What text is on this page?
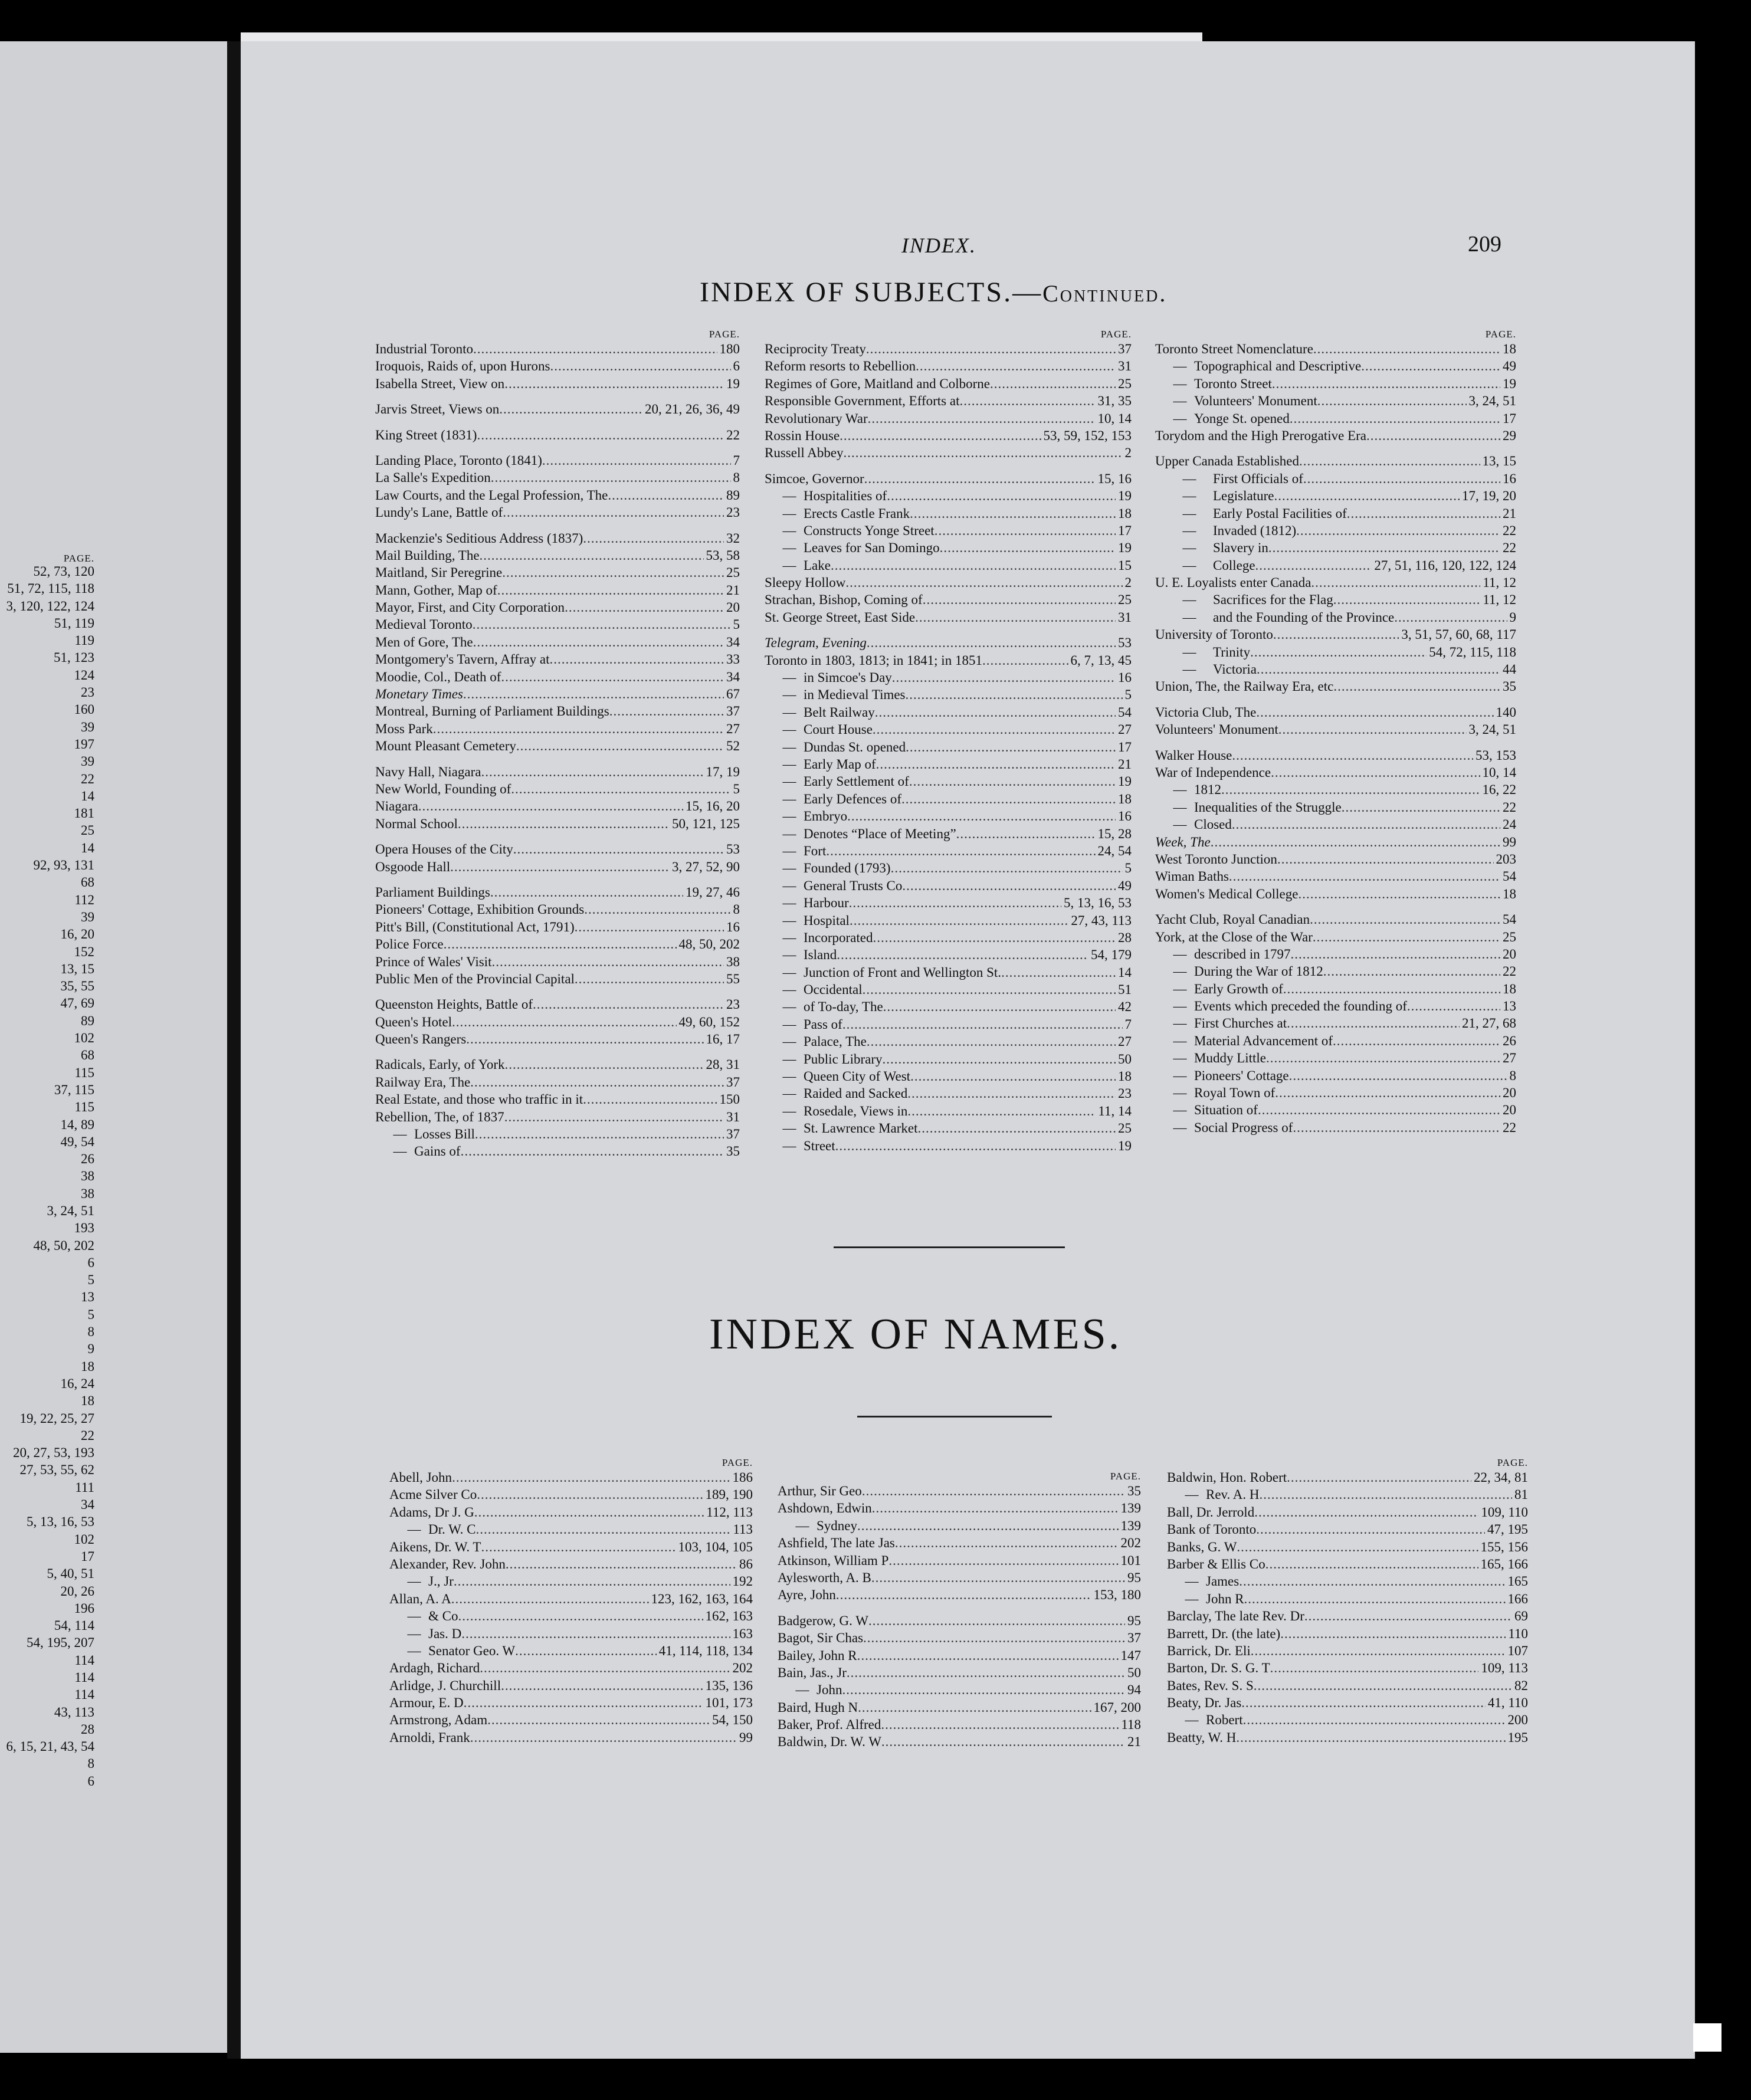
PAGE.
52, 73, 120
51, 72, 115, 118
3, 120, 122, 124
51, 119
119
51, 123
124
23
160
39
197
39
22
14
181
25
14
92, 93, 131
68
112
39
16, 20
152
13, 15
35, 55
47, 69
89
102
68
115
37, 115
115
14, 89
49, 54
26
38
38
3, 24, 51
193
48, 50, 202
6
5
13
5
8
9
18
16, 24
18
19, 22, 25, 27
22
20, 27, 53, 193
27, 53, 55, 62
111
34
5, 13, 16, 53
102
17
5, 40, 51
20, 26
196
54, 114
54, 195, 207
114
114
114
43, 113
28
6, 15, 21, 43, 54
8
6
INDEX.	209
INDEX OF SUBJECTS.—Continued.
PAGE.
Industrial Toronto .....	180
Iroquois, Raids of, upon Hurons .....	6
Isabella Street, View on .....	19
Jarvis Street, Views on .....	20, 21, 26, 36, 49
King Street (1831) .....	22
Landing Place, Toronto (1841) .....	7
La Salle's Expedition .....	8
Law Courts, and the Legal Profession, The .....	89
Lundy's Lane, Battle of .....	23
Mackenzie's Seditious Address (1837) .....	32
Mail Building, The .....	53, 58
Maitland, Sir Peregrine .....	25
Mann, Gother, Map of .....	21
Mayor, First, and City Corporation .....	20
Medieval Toronto .....	5
Men of Gore, The .....	34
Montgomery's Tavern, Affray at .....	33
Moodie, Col., Death of .....	34
Monetary Times .....	67
Montreal, Burning of Parliament Buildings .....	37
Moss Park .....	27
Mount Pleasant Cemetery .....	52
Navy Hall, Niagara .....	17, 19
New World, Founding of .....	5
Niagara .....	15, 16, 20
Normal School .....	50, 121, 125
Opera Houses of the City .....	53
Osgoode Hall .....	3, 27, 52, 90
Parliament Buildings .....	19, 27, 46
Pioneers' Cottage, Exhibition Grounds .....	8
Pitt's Bill, (Constitutional Act, 1791) .....	16
Police Force .....	48, 50, 202
Prince of Wales' Visit .....	38
Public Men of the Provincial Capital .....	55
Queenston Heights, Battle of .....	23
Queen's Hotel .....	49, 60, 152
Queen's Rangers .....	16, 17
Radicals, Early, of York .....	28, 31
Railway Era, The .....	37
Real Estate, and those who traffic in it .....	150
Rebellion, The, of 1837 .....	31
— Losses Bill .....	37
— Gains of .....	35
PAGE.
Reciprocity Treaty .....	37
Reform resorts to Rebellion .....	31
Regimes of Gore, Maitland and Colborne .....	25
Responsible Government, Efforts at .....	31, 35
Revolutionary War .....	10, 14
Rossin House .....	53, 59, 152, 153
Russell Abbey .....	2
Simcoe, Governor .....	15, 16
— Hospitalities of .....	19
— Erects Castle Frank .....	18
— Constructs Yonge Street .....	17
— Leaves for San Domingo .....	19
— Lake .....	15
Sleepy Hollow .....	2
Strachan, Bishop, Coming of .....	25
St. George Street, East Side .....	31
Telegram, Evening .....	53
Toronto in 1803, 1813; in 1841; in 1851 .....	6, 7, 13, 45
— in Simcoe's Day .....	16
— in Medieval Times .....	5
— Belt Railway .....	54
— Court House .....	27
— Dundas St. opened .....	17
— Early Map of .....	21
— Early Settlement of .....	19
— Early Defences of .....	18
— Embryo .....	16
— Denotes “Place of Meeting” .....	15, 28
— Fort .....	24, 54
— Founded (1793) .....	5
— General Trusts Co .....	49
— Harbour .....	5, 13, 16, 53
— Hospital .....	27, 43, 113
— Incorporated .....	28
— Island .....	54, 179
— Junction of Front and Wellington St. .....	14
— Occidental .....	51
— of To-day, The .....	42
— Pass of .....	7
— Palace, The .....	27
— Public Library .....	50
— Queen City of West .....	18
— Raided and Sacked .....	23
— Rosedale, Views in .....	11, 14
— St. Lawrence Market .....	25
— Street .....	19
PAGE.
Toronto Street Nomenclature .....	18
— Topographical and Descriptive .....	49
— Toronto Street .....	19
— Volunteers' Monument .....	3, 24, 51
— Yonge St. opened .....	17
Torydom and the High Prerogative Era .....	29
Upper Canada Established .....	13, 15
— First Officials of .....	16
— Legislature .....	17, 19, 20
— Early Postal Facilities of .....	21
— Invaded (1812) .....	22
— Slavery in .....	22
— College .....	27, 51, 116, 120, 122, 124
U. E. Loyalists enter Canada .....	11, 12
— Sacrifices for the Flag .....	11, 12
— and the Founding of the Province .....	9
University of Toronto .....	3, 51, 57, 60, 68, 117
— Trinity .....	54, 72, 115, 118
— Victoria .....	44
Union, The, the Railway Era, etc .....	35
Victoria Club, The .....	140
Volunteers' Monument .....	3, 24, 51
Walker House .....	53, 153
War of Independence .....	10, 14
— 1812 .....	16, 22
— Inequalities of the Struggle .....	22
— Closed .....	24
Week, The .....	99
West Toronto Junction .....	203
Wiman Baths .....	54
Women's Medical College .....	18
Yacht Club, Royal Canadian .....	54
York, at the Close of the War .....	25
— described in 1797 .....	20
— During the War of 1812 .....	22
— Early Growth of .....	18
— Events which preceded the founding of .....	13
— First Churches at .....	21, 27, 68
— Material Advancement of .....	26
— Muddy Little .....	27
— Pioneers' Cottage .....	8
— Royal Town of .....	20
— Situation of .....	20
— Social Progress of .....	22
INDEX OF NAMES.
PAGE.
Abell, John .....	186
Acme Silver Co .....	189, 190
Adams, Dr J. G .....	112, 113
— Dr. W. C .....	113
Aikens, Dr. W. T .....	103, 104, 105
Alexander, Rev. John .....	86
— J., Jr .....	192
Allan, A. A .....	123, 162, 163, 164
— & Co .....	162, 163
— Jas. D .....	163
— Senator Geo. W .....	41, 114, 118, 134
Ardagh, Richard .....	202
Arlidge, J. Churchill .....	135, 136
Armour, E. D .....	101, 173
Armstrong, Adam .....	54, 150
Arnoldi, Frank .....	99
PAGE.
Arthur, Sir Geo .....	35
Ashdown, Edwin .....	139
— Sydney .....	139
Ashfield, The late Jas .....	202
Atkinson, William P .....	101
Aylesworth, A. B .....	95
Ayre, John .....	153, 180
Badgerow, G. W .....	95
Bagot, Sir Chas .....	37
Bailey, John R .....	147
Bain, Jas., Jr .....	50
— John .....	94
Baird, Hugh N .....	167, 200
Baker, Prof. Alfred .....	118
Baldwin, Dr. W. W .....	21
PAGE.
Baldwin, Hon. Robert .....	22, 34, 81
— Rev. A. H .....	81
Ball, Dr. Jerrold .....	109, 110
Bank of Toronto .....	47, 195
Banks, G. W .....	155, 156
Barber & Ellis Co .....	165, 166
— James .....	165
— John R .....	166
Barclay, The late Rev. Dr .....	69
Barrett, Dr. (the late) .....	110
Barrick, Dr. Eli .....	107
Barton, Dr. S. G. T .....	109, 113
Bates, Rev. S. S .....	82
Beaty, Dr. Jas .....	41, 110
— Robert .....	200
Beatty, W. H .....	195
